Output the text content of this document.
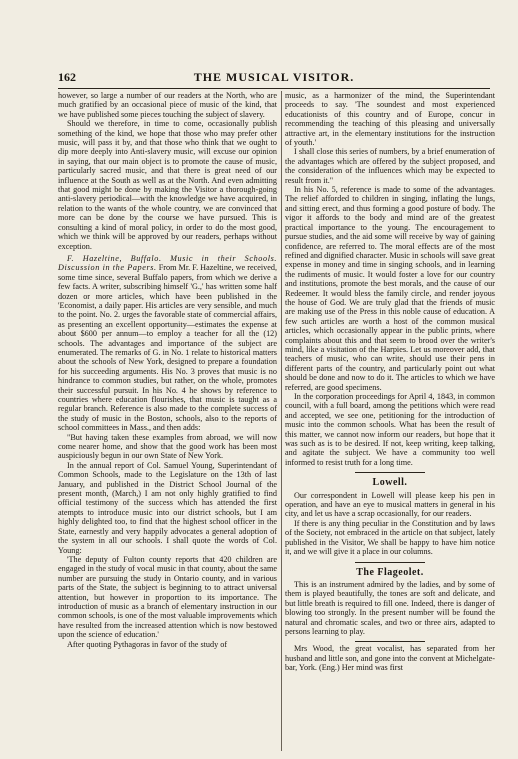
162	THE MUSICAL VISITOR.

however, so large a number of our readers at the North, who are much gratified by an occasional piece of music of the kind, that we have published some pieces touching the subject of slavery.

Should we therefore, in time to come, occasionally publish something of the kind, we hope that those who may prefer other music, will pass it by, and that those who think that we ought to dip more deeply into Anti-slavery music, will excuse our opinion in saying, that our main object is to promote the cause of music, particularly sacred music, and that there is great need of our influence at the South as well as at the North. And even admitting that good might be done by making the Visitor a thorough-going anti-slavery periodical—with the knowledge we have acquired, in relation to the wants of the whole country, we are convinced that more can be done by the course we have pursued. This is consulting a kind of moral policy, in order to do the most good, which we think will be approved by our readers, perhaps without exception.

F. Hazeltine, Buffalo. Music in their Schools. Discussion in the Papers. From Mr. F. Hazeltine, we received, some time since, several Buffalo papers, from which we derive a few facts. A writer, subscribing himself 'G.,' has written some half dozen or more articles, which have been published in the 'Economist, a daily paper. His articles are very sensible, and much to the point. No. 2. urges the favorable state of commercial affairs, as presenting an excellent opportunity—estimates the expense at about $600 per annum—to employ a teacher for all the (12) schools. The advantages and importance of the subject are enumerated. The remarks of G. in No. 1 relate to historical matters about the schools of New York, designed to prepare a foundation for his succeeding arguments. His No. 3 proves that music is no hindrance to common studies, but rather, on the whole, promotes their successful pursuit. In his No. 4 he shows by reference to countries where education flourishes, that music is taught as a regular branch. Reference is also made to the complete success of the study of music in the Boston, schools, also to the reports of school committees in Mass., and then adds:

"But having taken these examples from abroad, we will now come nearer home, and show that the good work has been most auspiciously begun in our own State of New York.

In the annual report of Col. Samuel Young, Superintendant of Common Schools, made to the Legislature on the 13th of last January, and published in the District School Journal of the present month, (March,) I am not only highly gratified to find official testimony of the success which has attended the first atempts to introduce music into our district schools, but I am highly delighted too, to find that the highest school officer in the State, earnestly and very happily advocates a general adoption of the system in all our schools. I shall quote the words of Col. Young:

'The deputy of Fulton county reports that 420 children are engaged in the study of vocal music in that county, about the same number are pursuing the study in Ontario county, and in various parts of the State, the subject is beginning to to attract universal attention, but however in proportion to its importance. The introduction of music as a branch of elementary instruction in our common schools, is one of the most valuable improvements which have resulted from the increased attention which is now bestowed upon the science of education.'

After quoting Pythagoras in favor of the study of

music, as a harmonizer of the mind, the Superintendant proceeds to say. 'The soundest and most experienced educationists of this country and of Europe, concur in recommending the teaching of this pleasing and universally attractive art, in the elementary institutions for the instruction of youth.'

I shall close this series of numbers, by a brief enumeration of the advantages which are offered by the subject proposed, and the consideration of the influences which may be expected to result from it."

In his No. 5, reference is made to some of the advantages. The relief afforded to children in singing, inflating the lungs, and sitting erect, and thus forming a good posture of body. The vigor it affords to the body and mind are of the greatest practical importance to the young. The encouragement to pursue studies, and the aid some will receive by way of gaining confidence, are referred to. The moral effects are of the most refined and dignified character. Music in schools will save great expense in money and time in singing schools, and in learning the rudiments of music. It would foster a love for our country and institutions, promote the best morals, and the cause of our Redeemer. It would bless the family circle, and render joyous the house of God. We are truly glad that the friends of music are making use of the Press in this noble cause of education. A few such articles are worth a host of the common musical articles, which occasionally appear in the public prints, where complaints about this and that seem to brood over the writer's mind, like a visitation of the Harpies. Let us moreover add, that teachers of music, who can write, should use their pens in different parts of the country, and particularly point out what should be done and now to do it. The articles to which we have referred, are good specimens.

In the corporation proceedings for April 4, 1843, in common council, with a full board, among the petitions which were read and accepted, we see one, petitioning for the introduction of music into the common schools. What has been the result of this matter, we cannot now inform our readers, but hope that it was such as is to be desired. If not, keep writing, keep talking, and agitate the subject. We have a community too well informed to resist truth for a long time.

Lowell.

Our correspondent in Lowell will please keep his pen in operation, and have an eye to musical matters in general in his city, and let us have a scrap occasionally, for our readers.

If there is any thing peculiar in the Constitution and by laws of the Society, not embraced in the article on that subject, lately published in the Visitor, We shall be happy to have him notice it, and we will give it a place in our columns.

The Flageolet.

This is an instrument admired by the ladies, and by some of them is played beautifully, the tones are soft and delicate, and but little breath is required to fill one. Indeed, there is danger of blowing too strongly. In the present number will be found the natural and chromatic scales, and two or three airs, adapted to persons learning to play.

Mrs Wood, the great vocalist, has separated from her husband and little son, and gone into the convent at Michelgate-bar, York. (Eng.) Her mind was first
